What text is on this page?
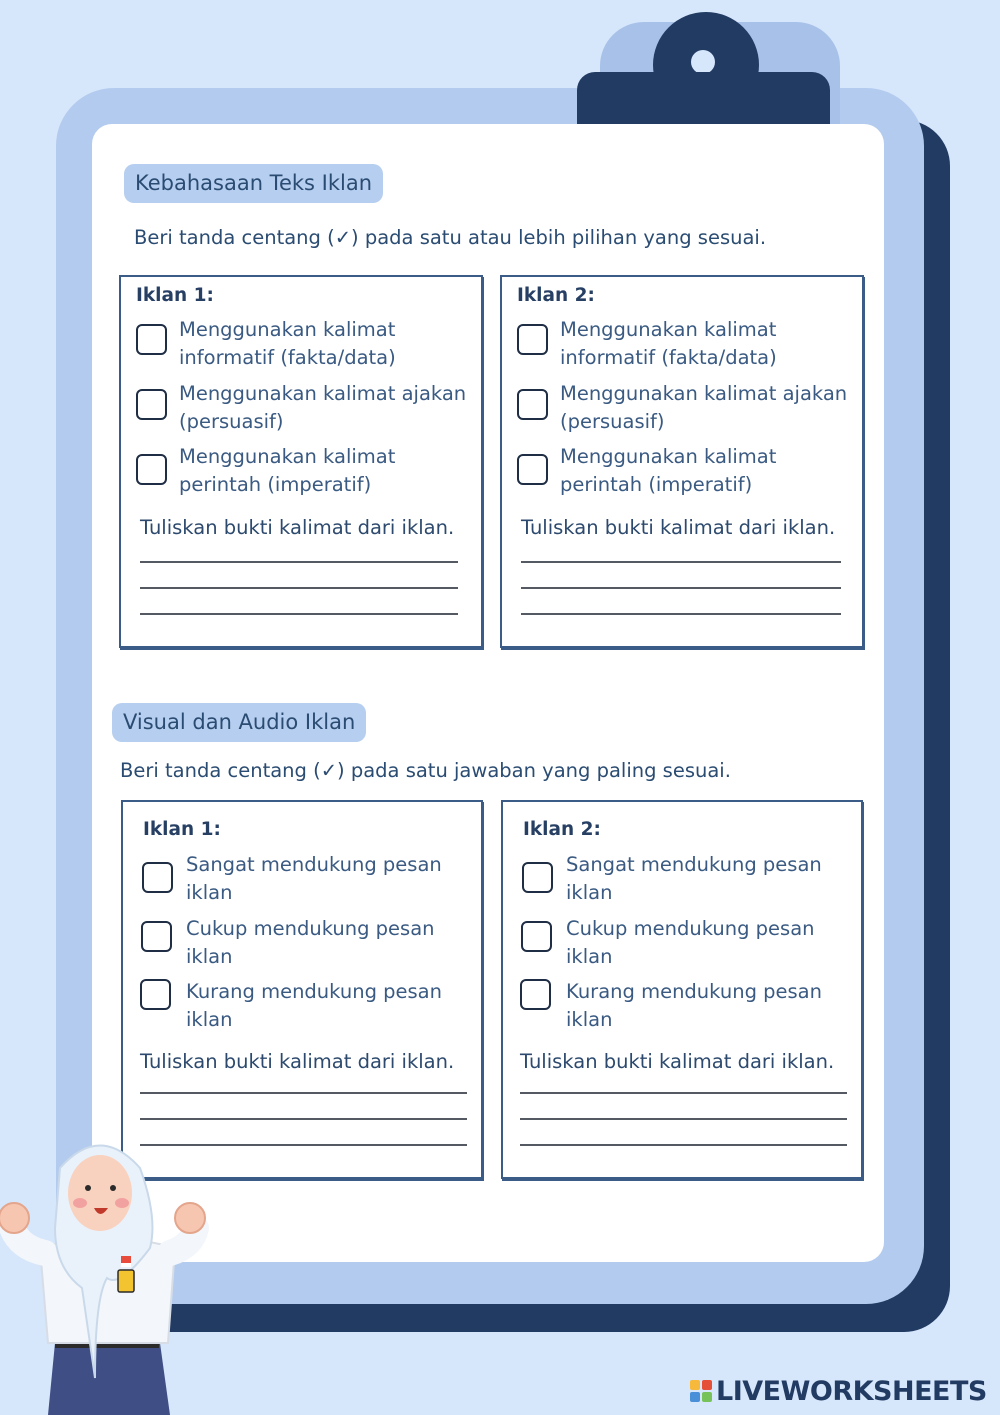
Kebahasaan Teks Iklan
Beri tanda centang (✓) pada satu atau lebih pilihan yang sesuai.
Iklan 1:
Menggunakan kalimat
informatif (fakta/data)
Menggunakan kalimat ajakan
(persuasif)
Menggunakan kalimat
perintah (imperatif)
Tuliskan bukti kalimat dari iklan.
Iklan 2:
Menggunakan kalimat
informatif (fakta/data)
Menggunakan kalimat ajakan
(persuasif)
Menggunakan kalimat
perintah (imperatif)
Tuliskan bukti kalimat dari iklan.
Visual dan Audio Iklan
Beri tanda centang (✓) pada satu jawaban yang paling sesuai.
Iklan 1:
Sangat mendukung pesan
iklan
Cukup mendukung pesan
iklan
Kurang mendukung pesan
iklan
Tuliskan bukti kalimat dari iklan.
Iklan 2:
Sangat mendukung pesan
iklan
Cukup mendukung pesan
iklan
Kurang mendukung pesan
iklan
Tuliskan bukti kalimat dari iklan.
LIVEWORKSHEETS
